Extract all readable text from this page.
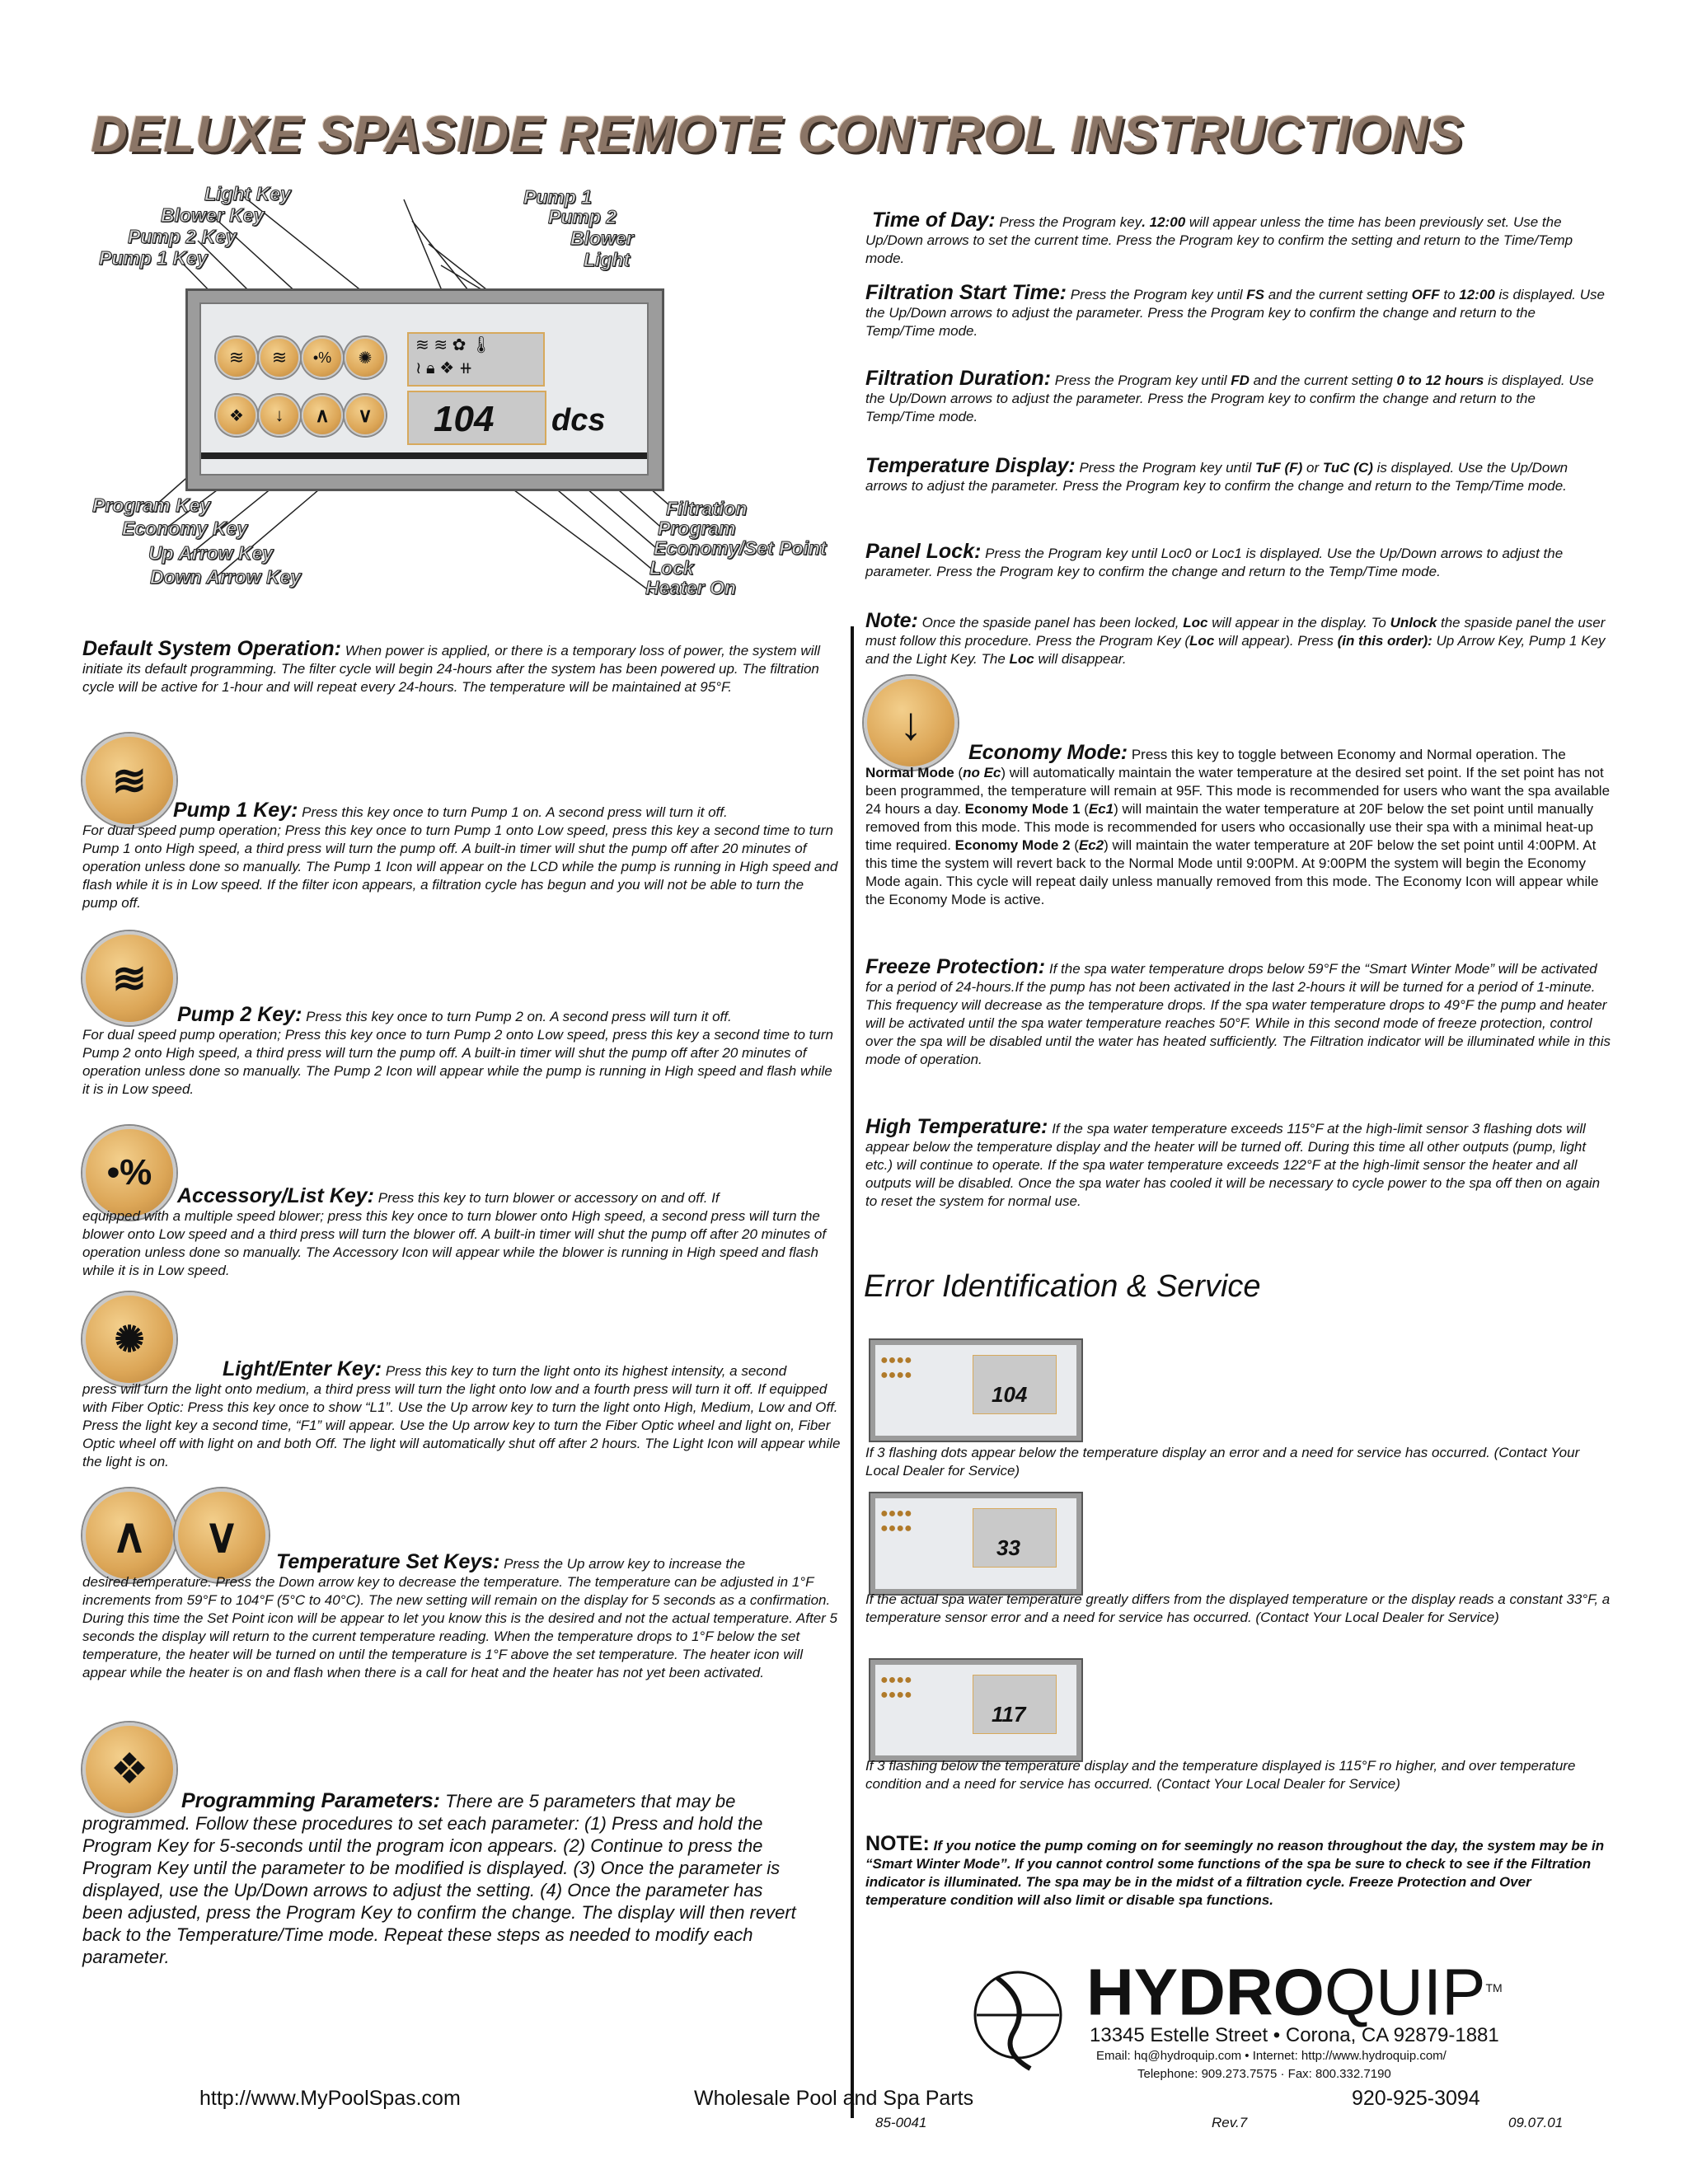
DELUXE SPASIDE REMOTE CONTROL INSTRUCTIONS
≋ ≋ •% ✺
❖ ↓ ∧ ∨
≋ ≋ ✿ 🌡︎
≀ 🔒︎ ❖ ⧺
104 dcs
Light Key
Blower Key
Pump 2 Key
Pump 1 Key
Pump 1
Pump 2
Blower
Light
Program Key
Economy Key
Up Arrow Key
Down Arrow Key
Filtration
Program
Economy/Set Point
Lock
Heater On
Default System Operation: When power is applied, or there is a temporary loss of power, the system will initiate its default programming. The filter cycle will begin 24-hours after the system has been powered up. The filtration cycle will be active for 1-hour and will repeat every 24-hours. The temperature will be maintained at 95°F.
≋
Pump 1 Key: Press this key once to turn Pump 1 on. A second press will turn it off.
For dual speed pump operation; Press this key once to turn Pump 1 onto Low speed, press this key a second time to turn Pump 1 onto High speed, a third press will turn the pump off. A built-in timer will shut the pump off after 20 minutes of operation unless done so manually. The Pump 1 Icon will appear on the LCD while the pump is running in High speed and flash while it is in Low speed. If the filter icon appears, a filtration cycle has begun and you will not be able to turn the pump off.
≋
Pump 2 Key: Press this key once to turn Pump 2 on. A second press will turn it off.
For dual speed pump operation; Press this key once to turn Pump 2 onto Low speed, press this key a second time to turn Pump 2 onto High speed, a third press will turn the pump off. A built-in timer will shut the pump off after 20 minutes of operation unless done so manually. The Pump 2 Icon will appear while the pump is running in High speed and flash while it is in Low speed.
•%
Accessory/List Key: Press this key to turn blower or accessory on and off. If
equipped with a multiple speed blower; press this key once to turn blower onto High speed, a second press will turn the blower onto Low speed and a third press will turn the blower off. A built-in timer will shut the pump off after 20 minutes of operation unless done so manually. The Accessory Icon will appear while the blower is running in High speed and flash while it is in Low speed.
✺
Light/Enter Key: Press this key to turn the light onto its highest intensity, a second
press will turn the light onto medium, a third press will turn the light onto low and a fourth press will turn it off. If equipped with Fiber Optic: Press this key once to show “L1”. Use the Up arrow key to turn the light onto High, Medium, Low and Off. Press the light key a second time, “F1” will appear. Use the Up arrow key to turn the Fiber Optic wheel and light on, Fiber Optic wheel off with light on and both Off. The light will automatically shut off after 2 hours. The Light Icon will appear while the light is on.
∧ ∨	Temperature Set Keys: Press the Up arrow key to increase the
desired temperature. Press the Down arrow key to decrease the temperature. The temperature can be adjusted in 1°F increments from 59°F to 104°F (5°C to 40°C). The new setting will remain on the display for 5 seconds as a confirmation. During this time the Set Point icon will be appear to let you know this is the desired and not the actual temperature. After 5 seconds the display will return to the current temperature reading. When the temperature drops to 1°F below the set temperature, the heater will be turned on until the temperature is 1°F above the set temperature. The heater icon will appear while the heater is on and flash when there is a call for heat and the heater has not yet been activated.
❖
Programming Parameters: There are 5 parameters that may be
programmed. Follow these procedures to set each parameter: (1) Press and hold the Program Key for 5-seconds until the program icon appears. (2) Continue to press the Program Key until the parameter to be modified is displayed. (3) Once the parameter is displayed, use the Up/Down arrows to adjust the setting. (4) Once the parameter has been adjusted, press the Program Key to confirm the change. The display will then revert back to the Temperature/Time mode. Repeat these steps as needed to modify each parameter.
Time of Day: Press the Program key. 12:00 will appear unless the time has been previously set. Use the Up/Down arrows to set the current time. Press the Program key to confirm the setting and return to the Time/Temp mode.
Filtration Start Time: Press the Program key until FS and the current setting OFF to 12:00 is displayed. Use the Up/Down arrows to adjust the parameter. Press the Program key to confirm the change and return to the Temp/Time mode.
Filtration Duration: Press the Program key until FD and the current setting 0 to 12 hours is displayed. Use the Up/Down arrows to adjust the parameter. Press the Program key to confirm the change and return to the Temp/Time mode.
Temperature Display: Press the Program key until TuF (F) or TuC (C) is displayed. Use the Up/Down arrows to adjust the parameter. Press the Program key to confirm the change and return to the Temp/Time mode.
Panel Lock: Press the Program key until Loc0 or Loc1 is displayed. Use the Up/Down arrows to adjust the parameter. Press the Program key to confirm the change and return to the Temp/Time mode.
Note: Once the spaside panel has been locked, Loc will appear in the display. To Unlock the spaside panel the user must follow this procedure. Press the Program Key (Loc will appear). Press (in this order): Up Arrow Key, Pump 1 Key and the Light Key. The Loc will disappear.
↓
Economy Mode: Press this key to toggle between Economy and Normal operation. The Normal Mode (no Ec) will automatically maintain the water temperature at the desired set point. If the set point has not been programmed, the temperature will remain at 95F. This mode is recommended for users who want the spa available 24 hours a day. Economy Mode 1 (Ec1) will maintain the water temperature at 20F below the set point until manually removed from this mode. This mode is recommended for users who occasionally use their spa with a minimal heat-up time required. Economy Mode 2 (Ec2) will maintain the water temperature at 20F below the set point until 4:00PM. At this time the system will revert back to the Normal Mode until 9:00PM. At 9:00PM the system will begin the Economy Mode again. This cycle will repeat daily unless manually removed from this mode. The Economy Icon will appear while the Economy Mode is active.
Freeze Protection: If the spa water temperature drops below 59°F the “Smart Winter Mode” will be activated for a period of 24-hours.If the pump has not been activated in the last 2-hours it will be turned for a period of 1-minute. This frequency will decrease as the temperature drops. If the spa water temperature drops to 49°F the pump and heater will be activated until the spa water temperature reaches 50°F. While in this second mode of freeze protection, control over the spa will be disabled until the water has heated sufficiently. The Filtration indicator will be illuminated while in this mode of operation.
High Temperature: If the spa water temperature exceeds 115°F at the high-limit sensor 3 flashing dots will appear below the temperature display and the heater will be turned off. During this time all other outputs (pump, light etc.) will continue to operate. If the spa water temperature exceeds 122°F at the high-limit sensor the heater and all outputs will be disabled. Once the spa water has cooled it will be necessary to cycle power to the spa off then on again to reset the system for normal use.
Error Identification & Service
●●●●
●●●●
104
If 3 flashing dots appear below the temperature display an error and a need for service has occurred. (Contact Your Local Dealer for Service)
●●●●
●●●●
33
If the actual spa water temperature greatly differs from the displayed temperature or the display reads a constant 33°F, a temperature sensor error and a need for service has occurred. (Contact Your Local Dealer for Service)
●●●●
●●●●
117
If 3 flashing below the temperature display and the temperature displayed is 115°F ro higher, and over temperature condition and a need for service has occurred. (Contact Your Local Dealer for Service)
NOTE: If you notice the pump coming on for seemingly no reason throughout the day, the system may be in “Smart Winter Mode”. If you cannot control some functions of the spa be sure to check to see if the Filtration indicator is illuminated. The spa may be in the midst of a filtration cycle. Freeze Protection and Over temperature condition will also limit or disable spa functions.
HYDROQUIP™
13345 Estelle Street • Corona, CA 92879-1881
Email: hq@hydroquip.com • Internet: http://www.hydroquip.com/
Telephone: 909.273.7575 · Fax: 800.332.7190
http://www.MyPoolSpas.com	Wholesale Pool and Spa Parts	920-925-3094
85-0041	Rev.7	09.07.01
